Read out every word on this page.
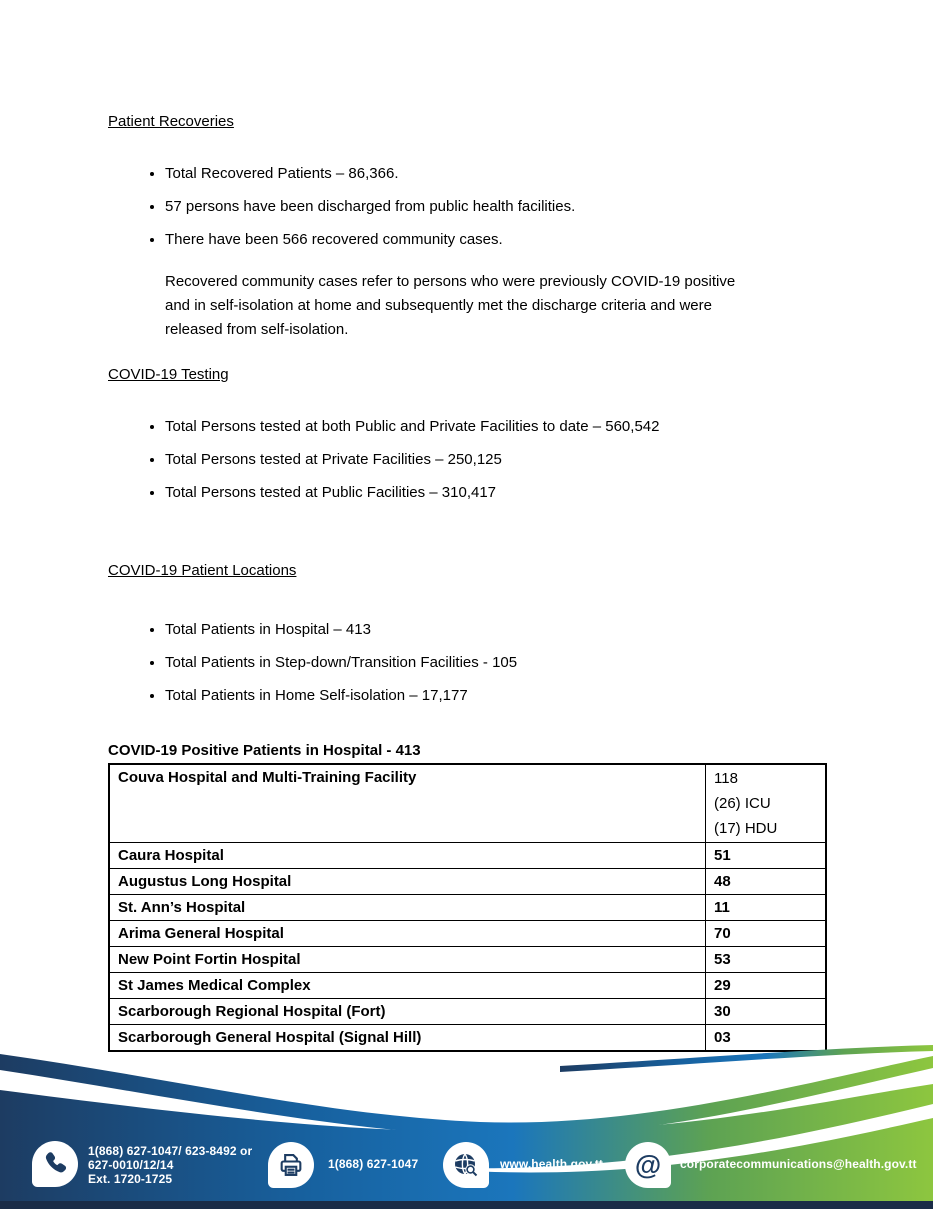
Patient Recoveries
• Total Recovered Patients – 86,366.
• 57 persons have been discharged from public health facilities.
• There have been 566 recovered community cases.
Recovered community cases refer to persons who were previously COVID-19 positive
and in self-isolation at home and subsequently met the discharge criteria and were
released from self-isolation.
COVID-19 Testing
• Total Persons tested at both Public and Private Facilities to date – 560,542
• Total Persons tested at Private Facilities – 250,125
• Total Persons tested at Public Facilities – 310,417
COVID-19 Patient Locations
• Total Patients in Hospital – 413
• Total Patients in Step-down/Transition Facilities - 105
• Total Patients in Home Self-isolation – 17,177
COVID-19 Positive Patients in Hospital - 413
Couva Hospital and Multi-Training Facility	118
(26) ICU
(17) HDU

Caura Hospital	51
Augustus Long Hospital	48
St. Ann’s Hospital	11
Arima General Hospital	70
New Point Fortin Hospital	53
St James Medical Complex	29
Scarborough Regional Hospital (Fort)	30
Scarborough General Hospital (Signal Hill)	03
1(868) 627-1047/ 623-8492 or
627-0010/12/14
Ext. 1720-1725
1(868) 627-1047	www.health.gov.tt @ corporatecommunications@health.gov.tt
